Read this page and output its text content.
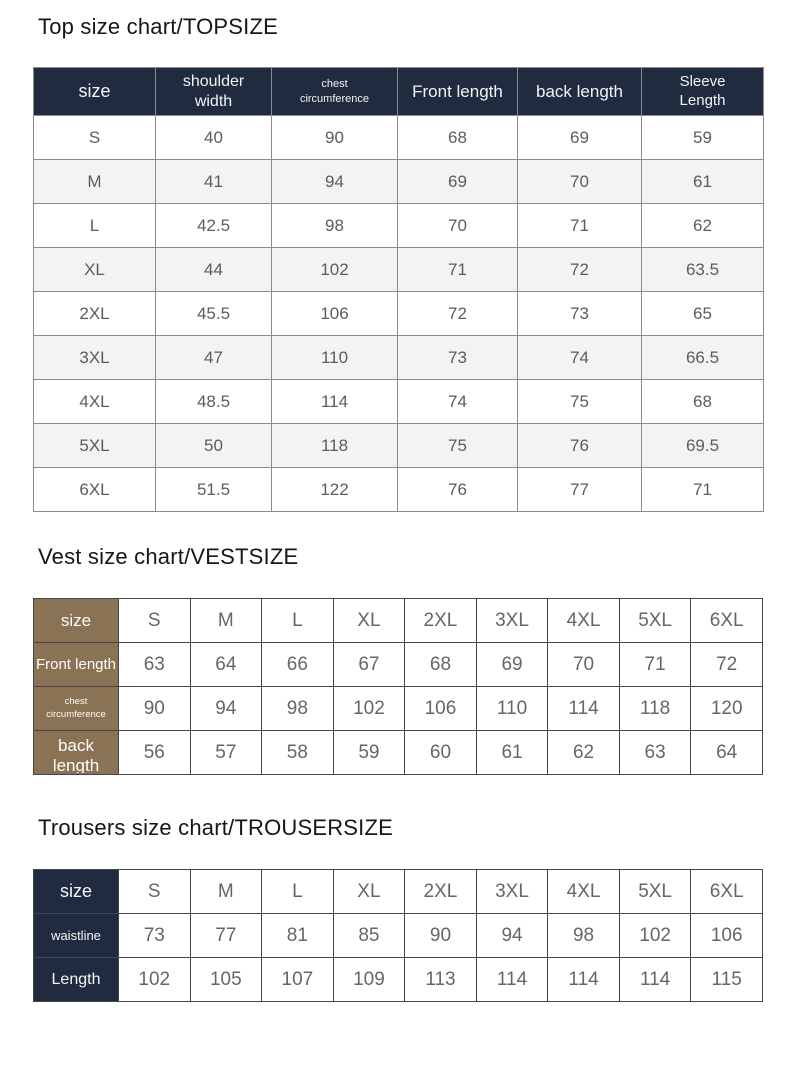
Top size chart/TOPSIZE
size	shoulder width	chest circumference	Front length	back length	Sleeve Length
S	40	90	68	69	59
M	41	94	69	70	61
L	42.5	98	70	71	62
XL	44	102	71	72	63.5
2XL	45.5	106	72	73	65
3XL	47	110	73	74	66.5
4XL	48.5	114	74	75	68
5XL	50	118	75	76	69.5
6XL	51.5	122	76	77	71
Vest size chart/VESTSIZE
size	S	M	L	XL	2XL	3XL	4XL	5XL	6XL
Front length	63	64	66	67	68	69	70	71	72
chest circumference	90	94	98	102	106	110	114	118	120

back length	56	57	58	59	60	61	62	63	64
Trousers size chart/TROUSERSIZE
size	S	M	L	XL	2XL	3XL	4XL	5XL	6XL
waistline	73	77	81	85	90	94	98	102	106
Length	102	105	107	109	113	114	114	114	115
